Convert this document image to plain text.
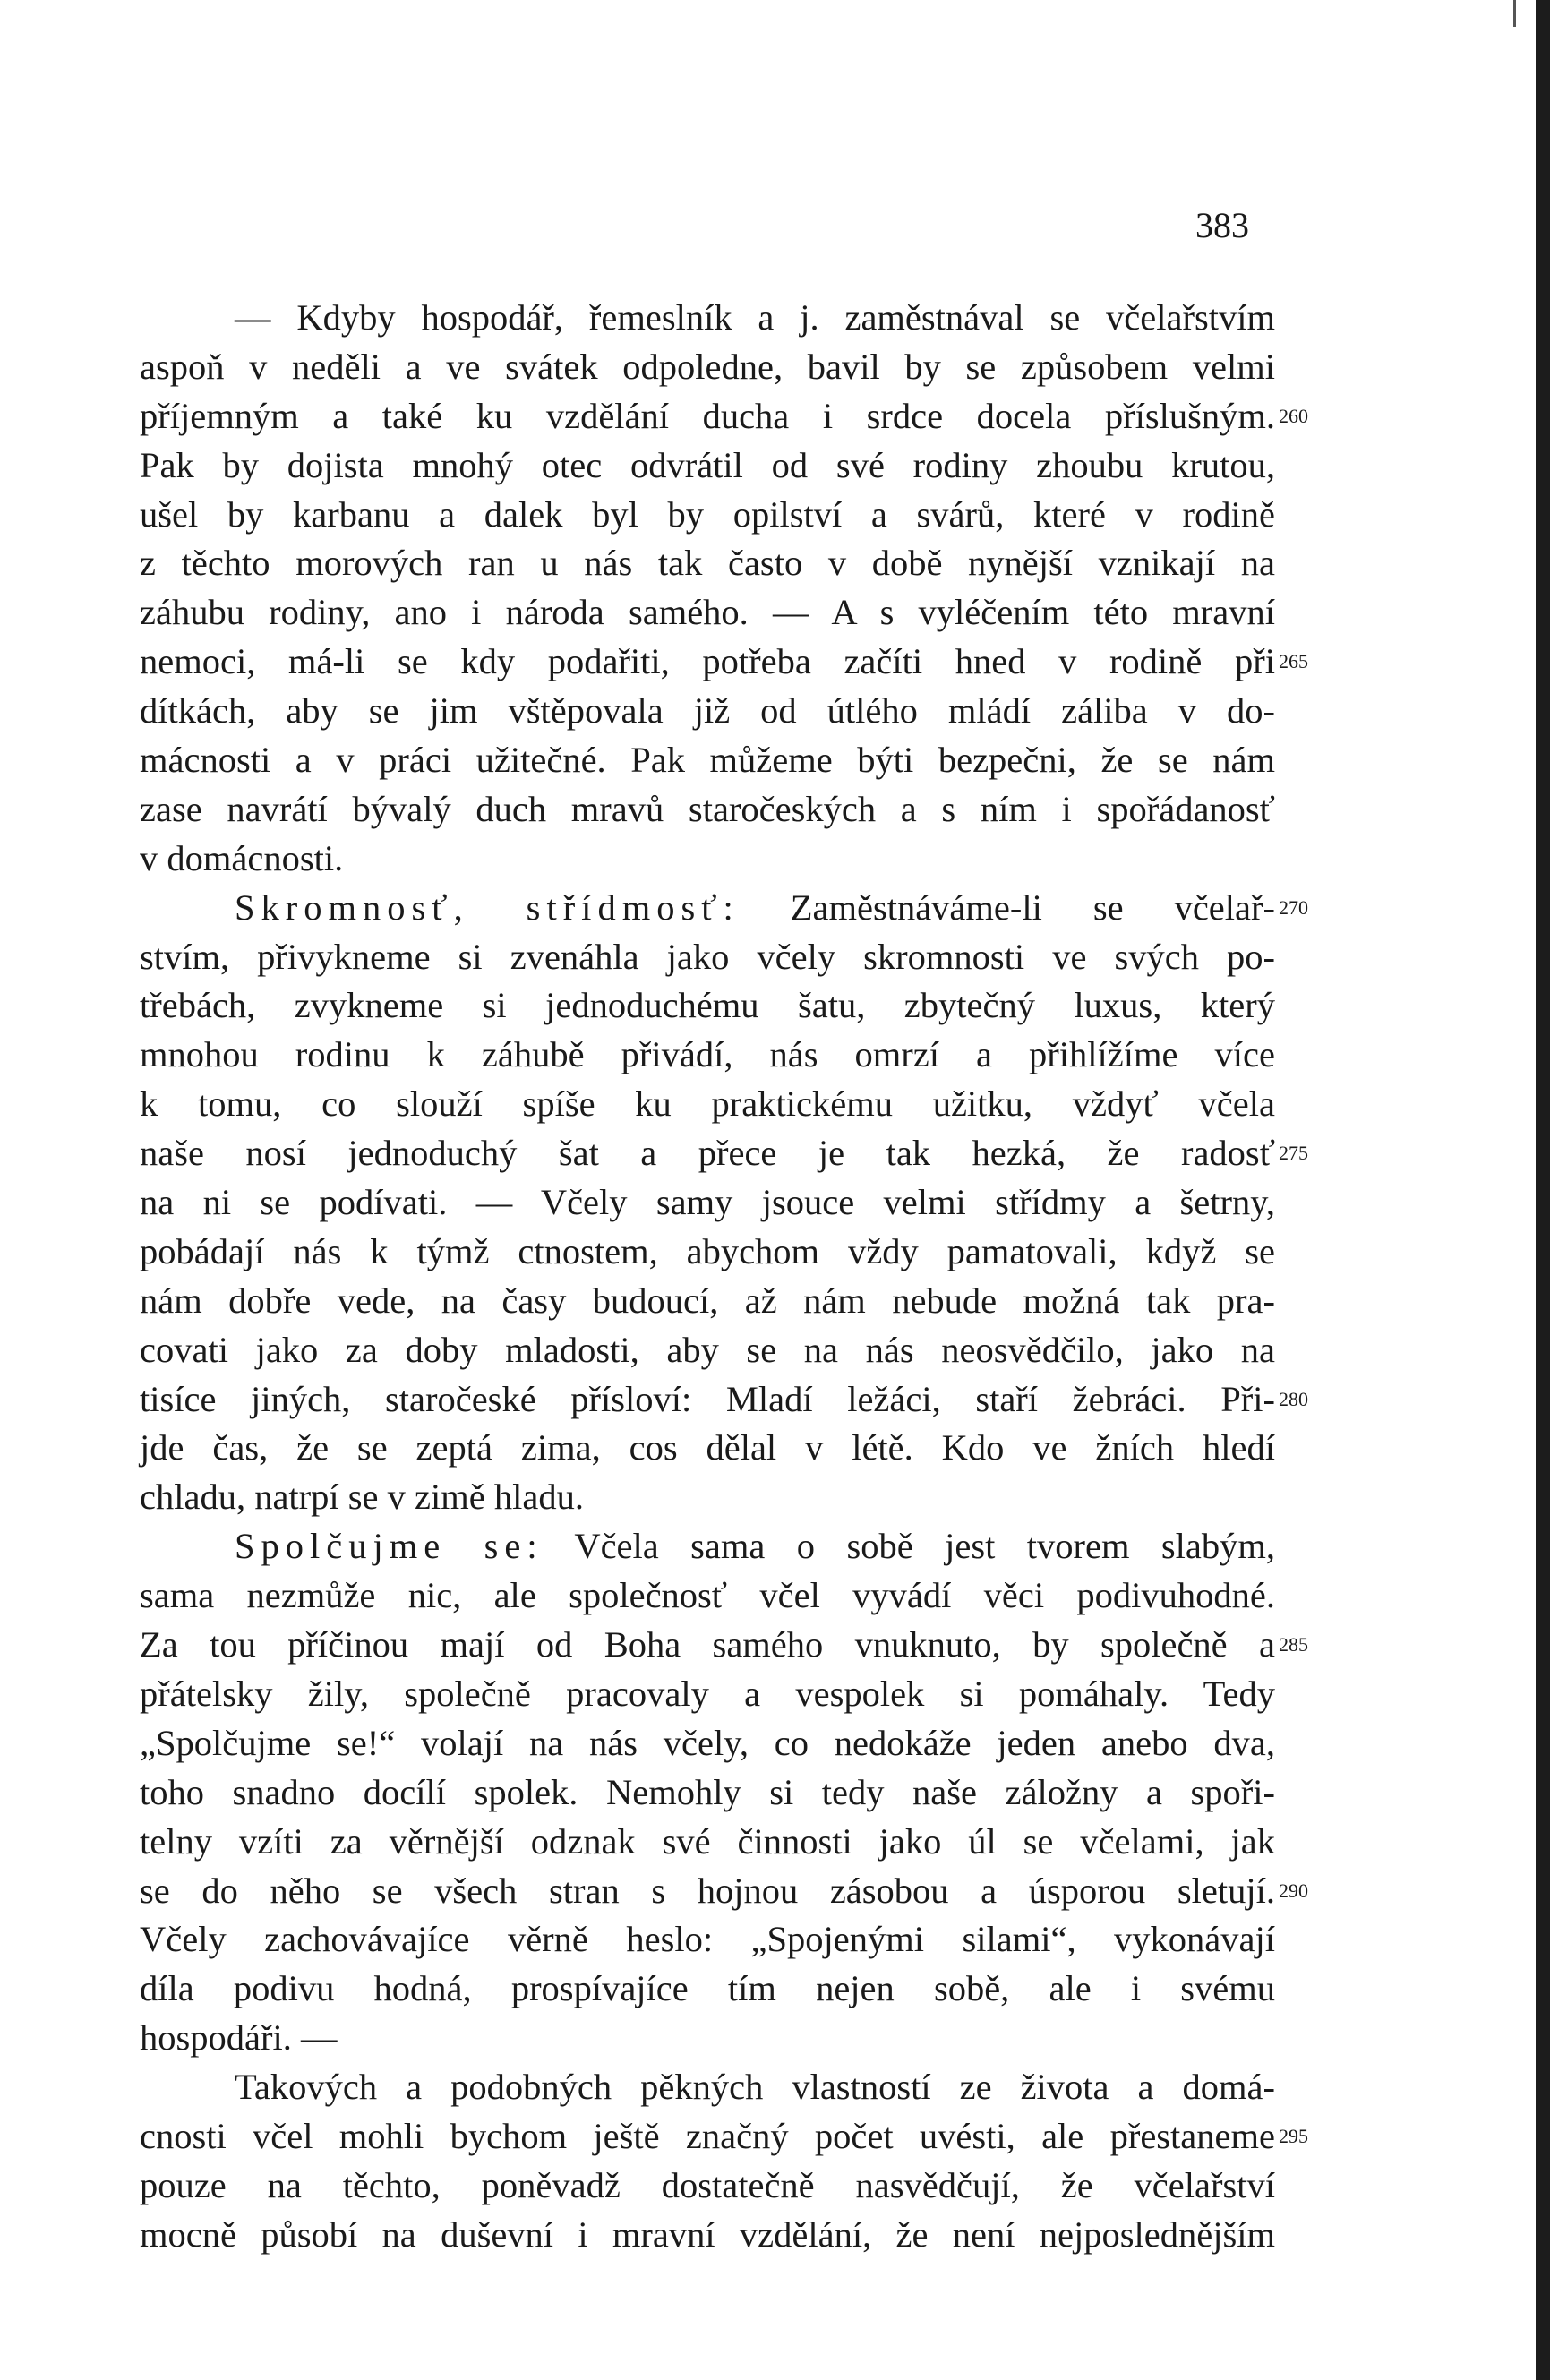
383
— Kdyby hospodář, řemeslník a j. zaměstnával se včelařstvím
aspoň v neděli a ve svátek odpoledne, bavil by se způsobem velmi
příjemným a také ku vzdělání ducha i srdce docela příslušným.
Pak by dojista mnohý otec odvrátil od své rodiny zhoubu krutou,
ušel by karbanu a dalek byl by opilství a svárů, které v rodině
z těchto morových ran u nás tak často v době nynější vznikají na
záhubu rodiny, ano i národa samého. — A s vyléčením této mravní
nemoci, má-li se kdy podařiti, potřeba začíti hned v rodině při
dítkách, aby se jim vštěpovala již od útlého mládí záliba v do-
mácnosti a v práci užitečné. Pak můžeme býti bezpečni, že se nám
zase navrátí bývalý duch mravů staročeských a s ním i spořádanosť
v domácnosti.
Skromnosť, střídmosť: Zaměstnáváme-li se včelař-
stvím, přivykneme si zvenáhla jako včely skromnosti ve svých po-
třebách, zvykneme si jednoduchému šatu, zbytečný luxus, který
mnohou rodinu k záhubě přivádí, nás omrzí a přihlížíme více
k tomu, co slouží spíše ku praktickému užitku, vždyť včela
naše nosí jednoduchý šat a přece je tak hezká, že radosť
na ni se podívati. — Včely samy jsouce velmi střídmy a šetrny,
pobádají nás k týmž ctnostem, abychom vždy pamatovali, když se
nám dobře vede, na časy budoucí, až nám nebude možná tak pra-
covati jako za doby mladosti, aby se na nás neosvědčilo, jako na
tisíce jiných, staročeské přísloví: Mladí ležáci, staří žebráci. Při-
jde čas, že se zeptá zima, cos dělal v létě. Kdo ve žních hledí
chladu, natrpí se v zimě hladu.
Spolčujme se: Včela sama o sobě jest tvorem slabým,
sama nezmůže nic, ale společnosť včel vyvádí věci podivuhodné.
Za tou příčinou mají od Boha samého vnuknuto, by společně a
přátelsky žily, společně pracovaly a vespolek si pomáhaly. Tedy
„Spolčujme se!“ volají na nás včely, co nedokáže jeden anebo dva,
toho snadno docílí spolek. Nemohly si tedy naše záložny a spoři-
telny vzíti za věrnější odznak své činnosti jako úl se včelami, jak
se do něho se všech stran s hojnou zásobou a úsporou sletují.
Včely zachovávajíce věrně heslo: „Spojenými silami“, vykonávají
díla podivu hodná, prospívajíce tím nejen sobě, ale i svému
hospodáři. —
Takových a podobných pěkných vlastností ze života a domá-
cnosti včel mohli bychom ještě značný počet uvésti, ale přestaneme
pouze na těchto, poněvadž dostatečně nasvědčují, že včelařství
mocně působí na duševní i mravní vzdělání, že není nejposlednějším
260
265
270
275
280
285
290
295
